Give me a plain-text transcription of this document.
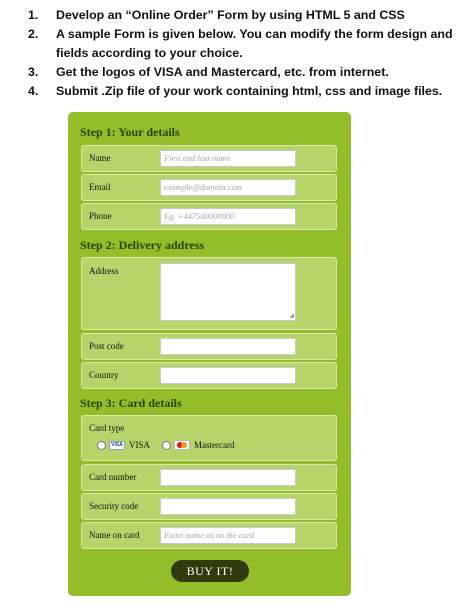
1. Develop an “Online Order” Form by using HTML 5 and CSS
2. A sample Form is given below. You can modify the form design and fields according to your choice.
3. Get the logos of VISA and Mastercard, etc. from internet.
4. Submit .Zip file of your work containing html, css and image files.
Step 1: Your details
Name	First and last name
Email	example@domain.com
Phone	Eg. +447500000000
Step 2: Delivery address
Address
◢
Post code
Country
Step 3: Card details
Card type
VISA VISA	Mastercard
Card number
Security code
Name on card	Exact name as on the card
BUY IT!
